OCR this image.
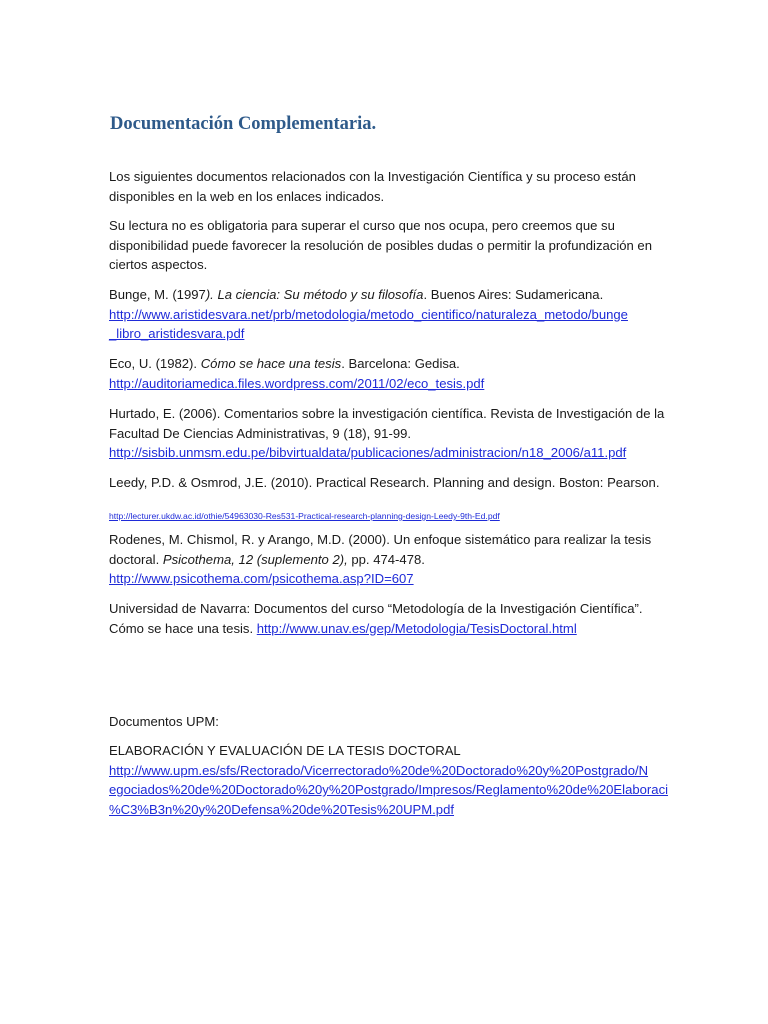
Documentación Complementaria.

Los siguientes documentos relacionados con la Investigación Científica y su proceso están
disponibles en la web en los enlaces indicados.

Su lectura no es obligatoria para superar el curso que nos ocupa, pero creemos que su
disponibilidad puede favorecer la resolución de posibles dudas o permitir la profundización en
ciertos aspectos.

Bunge, M. (1997). La ciencia: Su método y su filosofía. Buenos Aires: Sudamericana.
http://www.aristidesvara.net/prb/metodologia/metodo_cientifico/naturaleza_metodo/bunge
_libro_aristidesvara.pdf

Eco, U. (1982). Cómo se hace una tesis. Barcelona: Gedisa.
http://auditoriamedica.files.wordpress.com/2011/02/eco_tesis.pdf

Hurtado, E. (2006). Comentarios sobre la investigación científica. Revista de Investigación de la
Facultad De Ciencias Administrativas, 9 (18), 91-99.
http://sisbib.unmsm.edu.pe/bibvirtualdata/publicaciones/administracion/n18_2006/a11.pdf

Leedy, P.D. & Osmrod, J.E. (2010). Practical Research. Planning and design. Boston: Pearson.

http://lecturer.ukdw.ac.id/othie/54963030-Res531-Practical-research-planning-design-Leedy-9th-Ed.pdf

Rodenes, M. Chismol, R. y Arango, M.D. (2000). Un enfoque sistemático para realizar la tesis
doctoral. Psicothema, 12 (suplemento 2), pp. 474-478.
http://www.psicothema.com/psicothema.asp?ID=607

Universidad de Navarra: Documentos del curso “Metodología de la Investigación Científica”.
Cómo se hace una tesis. http://www.unav.es/gep/Metodologia/TesisDoctoral.html

Documentos UPM:

ELABORACIÓN Y EVALUACIÓN DE LA TESIS DOCTORAL
http://www.upm.es/sfs/Rectorado/Vicerrectorado%20de%20Doctorado%20y%20Postgrado/N
egociados%20de%20Doctorado%20y%20Postgrado/Impresos/Reglamento%20de%20Elaboraci
%C3%B3n%20y%20Defensa%20de%20Tesis%20UPM.pdf
